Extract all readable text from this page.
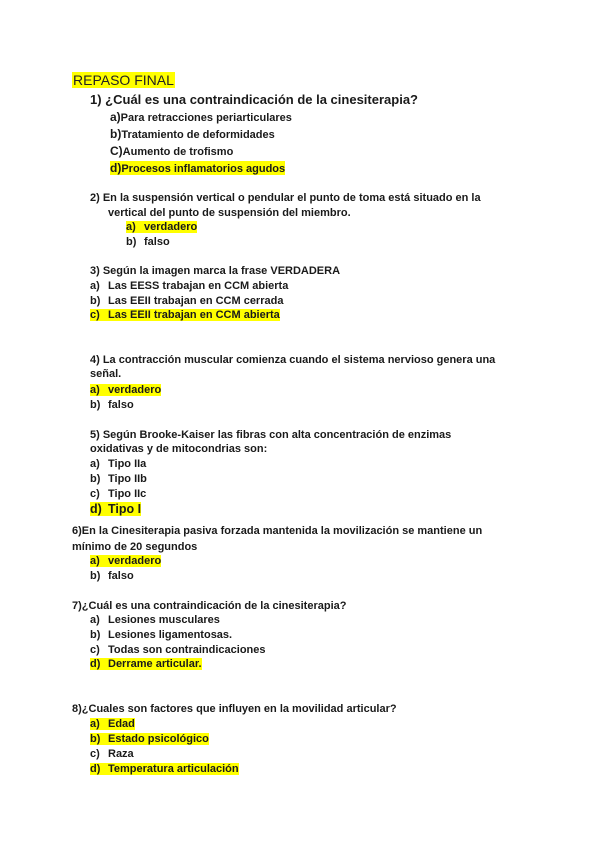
REPASO FINAL
1) ¿Cuál es una contraindicación de la cinesiterapia?
a)Para retracciones periarticulares
b)Tratamiento de deformidades
C)Aumento de trofismo
d)Procesos inflamatorios agudos
2) En la suspensión vertical o pendular el punto de toma está situado en la
vertical del punto de suspensión del miembro.
a) verdadero
b) falso
3) Según la imagen marca la frase VERDADERA
a) Las EESS trabajan en CCM abierta
b) Las EEII trabajan en CCM cerrada
c) Las EEII trabajan en CCM abierta
4) La contracción muscular comienza cuando el sistema nervioso genera una
señal.
a) verdadero
b) falso
5) Según Brooke-Kaiser las fibras con alta concentración de enzimas
oxidativas y de mitocondrias son:
a) Tipo IIa
b) Tipo IIb
c) Tipo IIc
d) Tipo I
6)En la Cinesiterapia pasiva forzada mantenida la movilización se mantiene un
mínimo de 20 segundos
a) verdadero
b) falso
7)¿Cuál es una contraindicación de la cinesiterapia?
a) Lesiones musculares
b) Lesiones ligamentosas.
c) Todas son contraindicaciones
d) Derrame articular.
8)¿Cuales son factores que influyen en la movilidad articular?
a) Edad
b) Estado psicológico
c) Raza
d) Temperatura articulación
